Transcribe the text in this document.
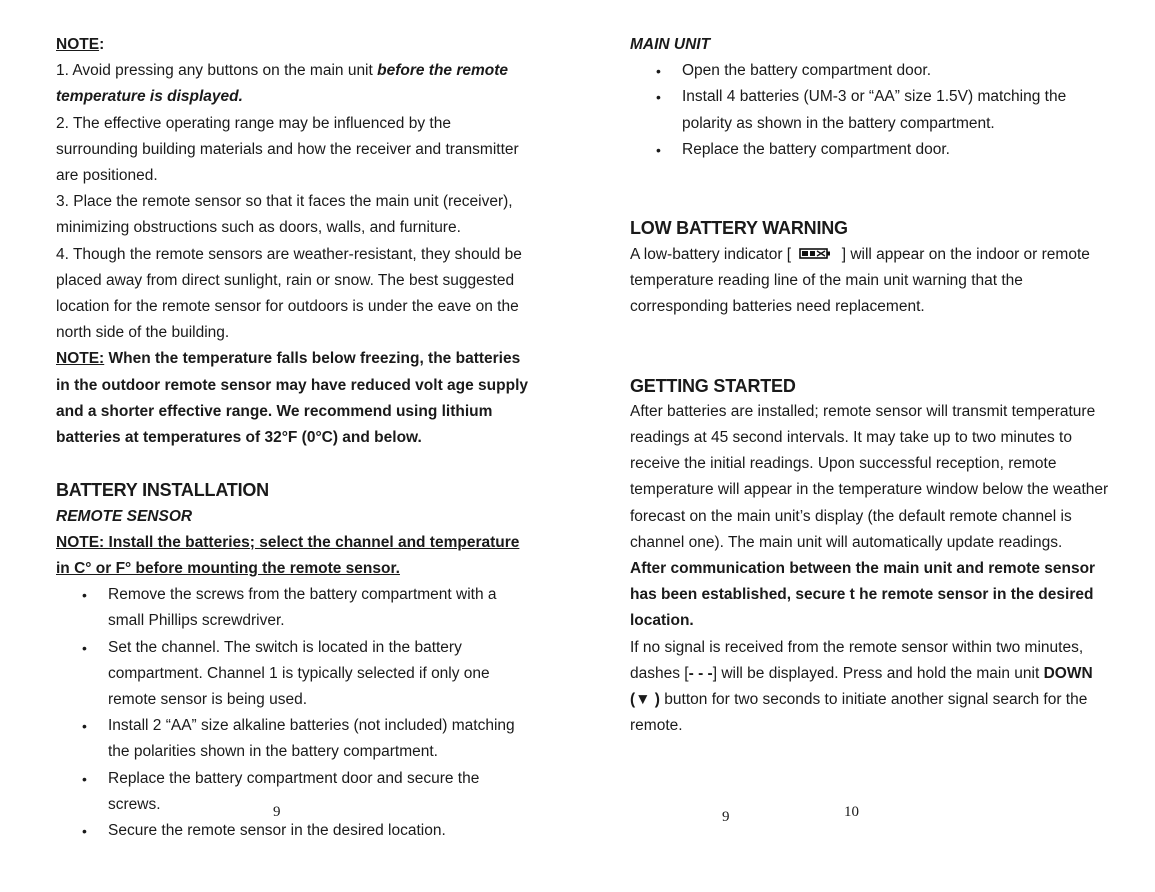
NOTE:

1. Avoid pressing any buttons on the main unit before the remote temperature is displayed.

2. The effective operating range may be influenced by the surrounding building materials and how the receiver and transmitter are positioned.

3. Place the remote sensor so that it faces the main unit (receiver), minimizing obstructions such as doors, walls, and furniture.

4. Though the remote sensors are weather-resistant, they should be placed away from direct sunlight, rain or snow. The best suggested location for the remote sensor for outdoors is under the eave on the north side of the building.

NOTE: When the temperature falls below freezing, the batteries in the outdoor remote sensor may have reduced volt age supply and a shorter effective range. We recommend using lithium batteries at temperatures of 32°F (0°C) and below.

BATTERY INSTALLATION

REMOTE SENSOR

NOTE: Install the batteries; select the channel and temperature in C° or F° before mounting the remote sensor.

• Remove the screws from the battery compartment with a small Phillips screwdriver.
• Set the channel. The switch is located in the battery compartment. Channel 1 is typically selected if only one remote sensor is being used.
• Install 2 “AA” size alkaline batteries (not included) matching the polarities shown in the battery compartment.
• Replace the battery compartment door and secure the screws.
• Secure the remote sensor in the desired location.
9

MAIN UNIT

• Open the battery compartment door.
• Install 4 batteries (UM-3 or “AA” size 1.5V) matching the polarity as shown in the battery compartment.
• Replace the battery compartment door.
LOW BATTERY WARNING

A low-battery indicator [	] will appear on the indoor or remote temperature reading line of the main unit warning that the corresponding batteries need replacement.

GETTING STARTED

After batteries are installed; remote sensor will transmit temperature readings at 45 second intervals. It may take up to two minutes to receive the initial readings. Upon successful reception, remote temperature will appear in the temperature window below the weather forecast on the main unit’s display (the default remote channel is channel one). The main unit will automatically update readings.

After communication between the main unit and remote sensor has been established, secure t he remote sensor in the desired location.

If no signal is received from the remote sensor within two minutes, dashes [- - -] will be displayed. Press and hold the main unit DOWN (▼ ) button for two seconds to initiate another signal search for the remote.

9	10
